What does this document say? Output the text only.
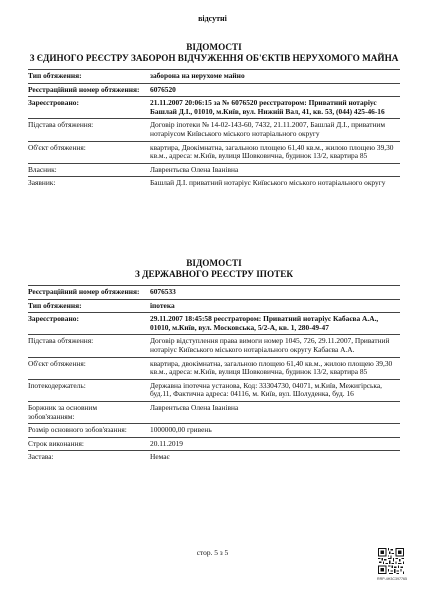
відсутні
ВІДОМОСТІ
З ЄДИНОГО РЕЄСТРУ ЗАБОРОН ВІДЧУЖЕННЯ ОБ'ЄКТІВ НЕРУХОМОГО МАЙНА
Тип обтяження:	заборона на нерухоме майно
Реєстраційний номер обтяження:	6076520
Зареєстровано:	21.11.2007 20:06:15 за № 6076520 реєстратором: Приватний нотаріус Башлай Д.І., 01010, м.Київ, вул. Нижній Вал, 41, кв. 53, (044) 425-46-16
Підстава обтяження:	Договір іпотеки № 14-02-143-60, 7432, 21.11.2007, Башлай Д.І., приватним нотаріусом Київського міського нотаріального округу
Об'єкт обтяження:	квартира, Двокімнатна, загальною площею 61,40 кв.м., жилою площею 39,30 кв.м., адреса: м.Київ, вулиця Шовковична, будинок 13/2, квартира 85
Власник:	Лаврентьєва Олена Іванівна
Заявник:	Башлай Д.І. приватний нотаріус Київського міського нотаріального округу
ВІДОМОСТІ
З ДЕРЖАВНОГО РЕЄСТРУ ІПОТЕК
Реєстраційний номер обтяження:	6076533
Тип обтяження:	іпотека
Зареєстровано:	29.11.2007 18:45:58 реєстратором: Приватний нотаріус Кабаєва А.А., 01010, м.Київ, вул. Московська, 5/2-А, кв. 1, 280-49-47
Підстава обтяження:	Договір відступлення права вимоги номер 1045, 726, 29.11.2007, Приватний нотаріус Київського міського нотаріального округу Кабаєва А.А.
Об'єкт обтяження:	квартира, двокімнатна, загальною площею 61,40 кв.м., жилою площею 39,30 кв.м., адреса: м.Київ, вулиця Шовковична, будинок 13/2, квартира 85
Іпотекодержатель:	Державна іпотечна установа, Код: 33304730, 04071, м.Київ, Межигірська, буд.11, Фактична адреса: 04116, м. Київ, вул. Шолуденка, буд. 16
Боржник за основним зобов'язанням:	Лаврентьєва Олена Іванівна
Розмір основного зобов'язання:	1000000,00 гривень
Строк виконання:	20.11.2019
Застава:	Немає
стор. 5 з 5
RRP-4H3C397765
